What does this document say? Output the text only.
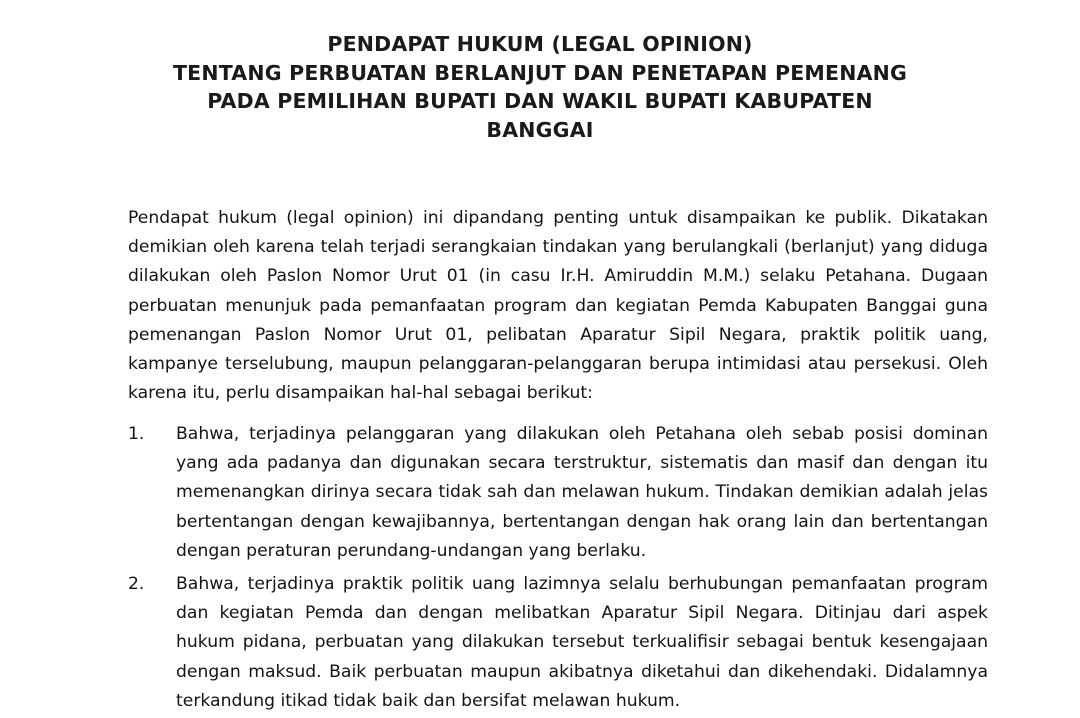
PENDAPAT HUKUM (LEGAL OPINION)
TENTANG PERBUATAN BERLANJUT DAN PENETAPAN PEMENANG
PADA PEMILIHAN BUPATI DAN WAKIL BUPATI KABUPATEN
BANGGAI

Pendapat hukum (legal opinion) ini dipandang penting untuk disampaikan ke publik. Dikatakan demikian oleh karena telah terjadi serangkaian tindakan yang berulangkali (berlanjut) yang diduga dilakukan oleh Paslon Nomor Urut 01 (in casu Ir.H. Amiruddin M.M.) selaku Petahana. Dugaan perbuatan menunjuk pada pemanfaatan program dan kegiatan Pemda Kabupaten Banggai guna pemenangan Paslon Nomor Urut 01, pelibatan Aparatur Sipil Negara, praktik politik uang, kampanye terselubung, maupun pelanggaran-pelanggaran berupa intimidasi atau persekusi. Oleh karena itu, perlu disampaikan hal-hal sebagai berikut:

1.	Bahwa, terjadinya pelanggaran yang dilakukan oleh Petahana oleh sebab posisi dominan yang ada padanya dan digunakan secara terstruktur, sistematis dan masif dan dengan itu memenangkan dirinya secara tidak sah dan melawan hukum. Tindakan demikian adalah jelas bertentangan dengan kewajibannya, bertentangan dengan hak orang lain dan bertentangan dengan peraturan perundang-undangan yang berlaku.
2.	Bahwa, terjadinya praktik politik uang lazimnya selalu berhubungan pemanfaatan program dan kegiatan Pemda dan dengan melibatkan Aparatur Sipil Negara. Ditinjau dari aspek hukum pidana, perbuatan yang dilakukan tersebut terkualifisir sebagai bentuk kesengajaan dengan maksud. Baik perbuatan maupun akibatnya diketahui dan dikehendaki. Didalamnya terkandung itikad tidak baik dan bersifat melawan hukum.
